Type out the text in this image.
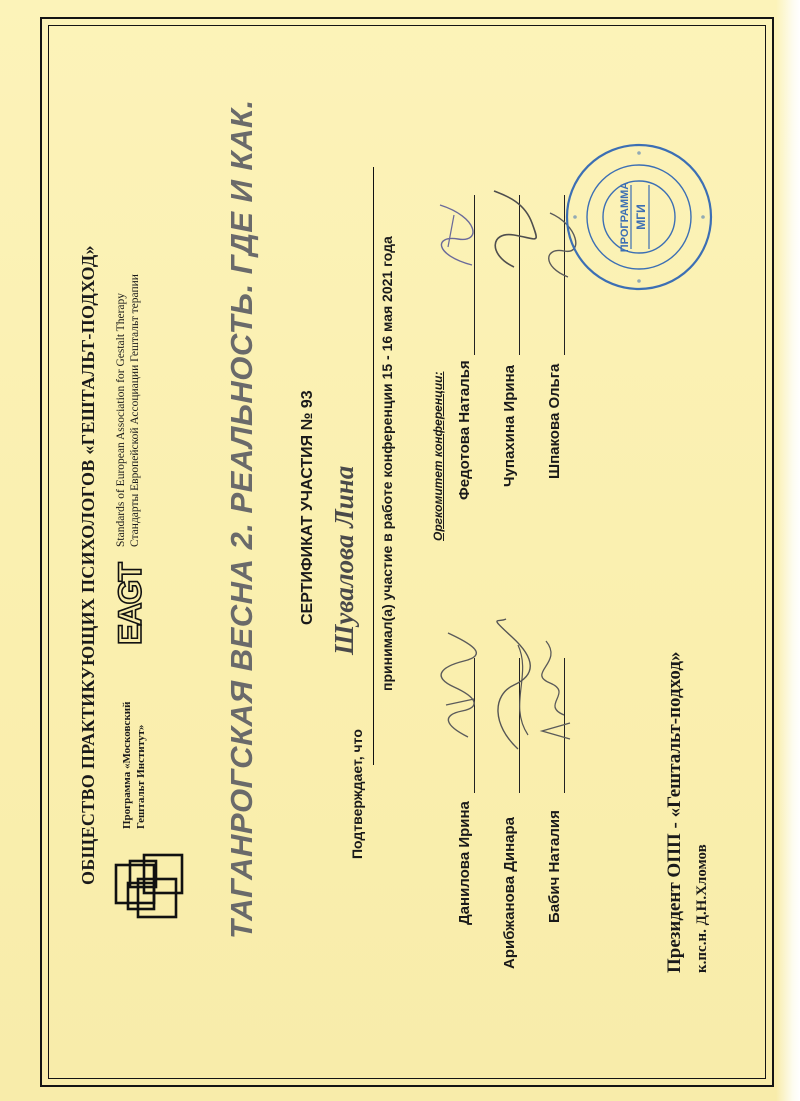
ОБЩЕСТВО ПРАКТИКУЮЩИХ ПСИХОЛОГОВ «ГЕШТАЛЬТ-ПОДХОД» Программа «Московский Гештальт Институт»
EAGT
Standards of European Association for Gestalt Therapy Стандарты Европейской Ассоциации Гештальт терапии	ТАГАНРОГСКАЯ ВЕСНА 2. РЕАЛЬНОСТЬ. ГДЕ И КАК.	СЕРТИФИКАТ УЧАСТИЯ № 93
Подтверждает, что
Шувалова Лина принимал(а) участие в работе конференции 15 - 16 мая 2021 года	Оргкомитет конференции:
Данилова Ирина Арибжанова Динара Бабич Наталия
Федотова Наталья Чупахина Ирина Шпакова Ольга
ПРОГРАММА МГИ
Президент ОПП - «Гештальт-подход» к.пс.н. Д.Н.Хломов
